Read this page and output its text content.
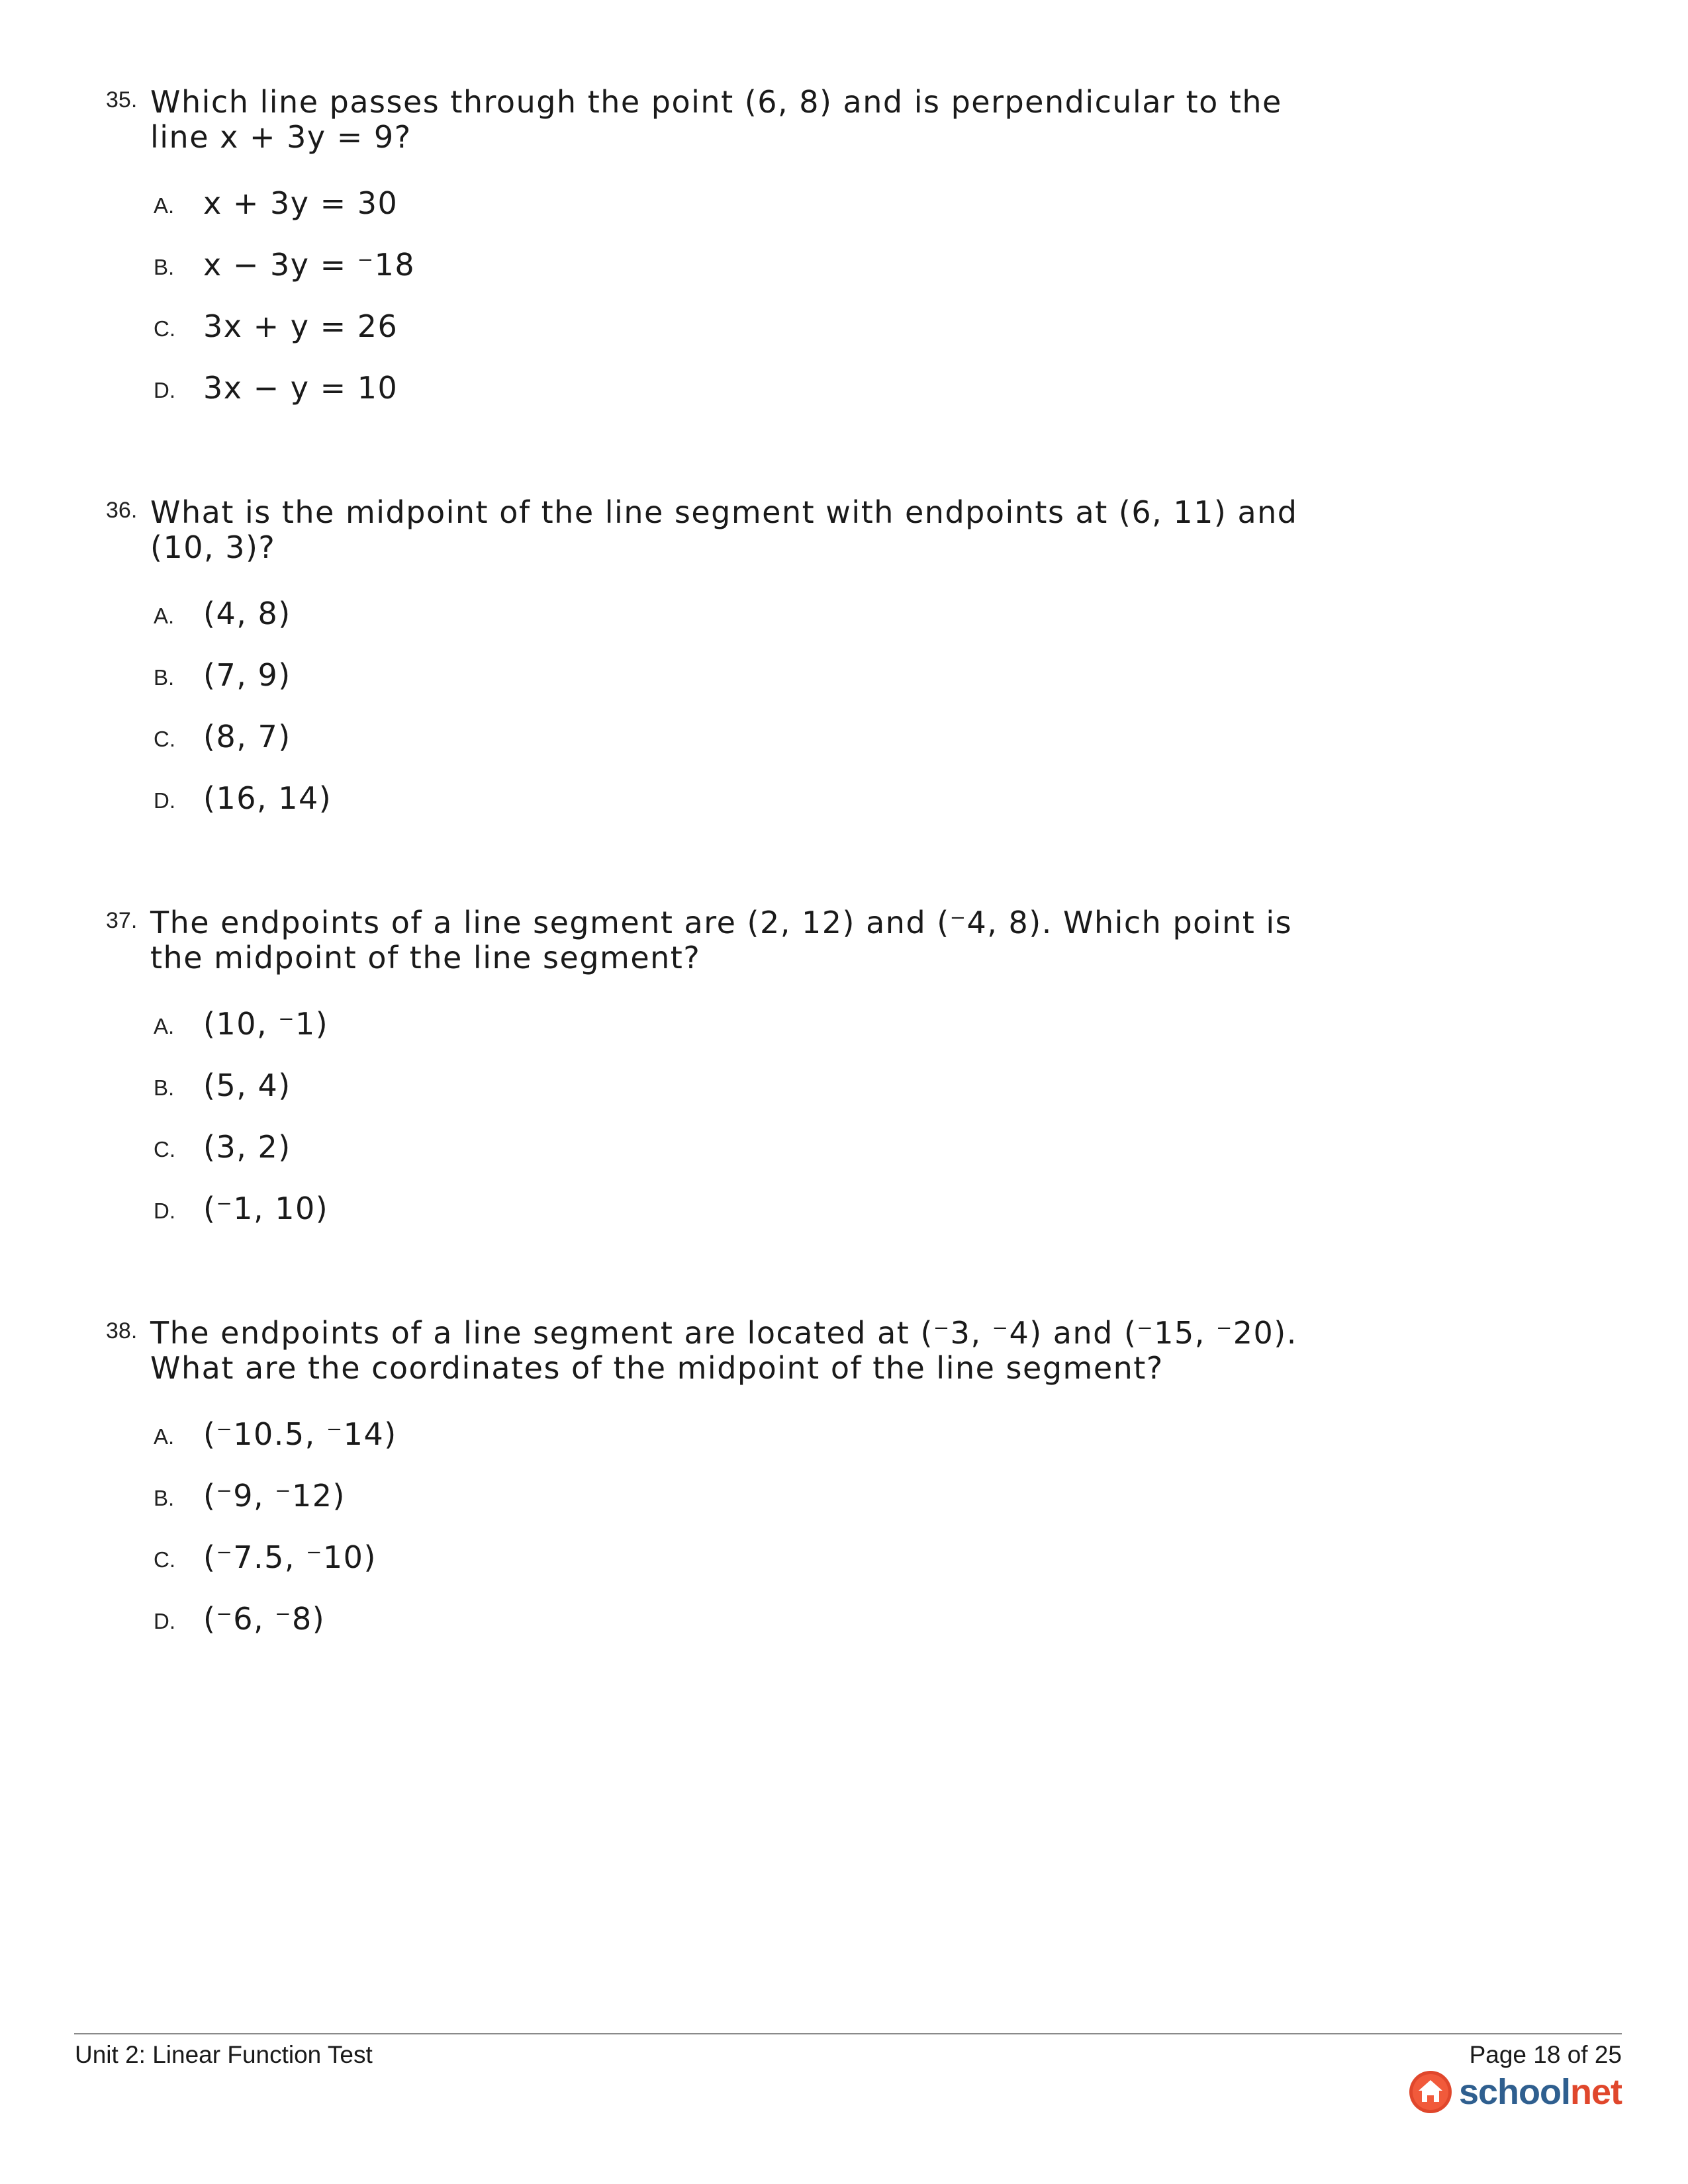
35. Which line passes through the point (6, 8) and is perpendicular to the
line x + 3y = 9?
A. x + 3y = 30
B. x − 3y = ⁻18
C. 3x + y = 26
D. 3x − y = 10
36. What is the midpoint of the line segment with endpoints at (6, 11) and
(10, 3)?
A. (4, 8)
B. (7, 9)
C. (8, 7)
D. (16, 14)
37. The endpoints of a line segment are (2, 12) and (⁻4, 8). Which point is
the midpoint of the line segment?
A. (10, ⁻1)
B. (5, 4)
C. (3, 2)
D. (⁻1, 10)
38. The endpoints of a line segment are located at (⁻3, ⁻4) and (⁻15, ⁻20).
What are the coordinates of the midpoint of the line segment?
A. (⁻10.5, ⁻14)
B. (⁻9, ⁻12)
C. (⁻7.5, ⁻10)
D. (⁻6, ⁻8)
Unit 2: Linear Function Test	Page 18 of 25
schoolnet
